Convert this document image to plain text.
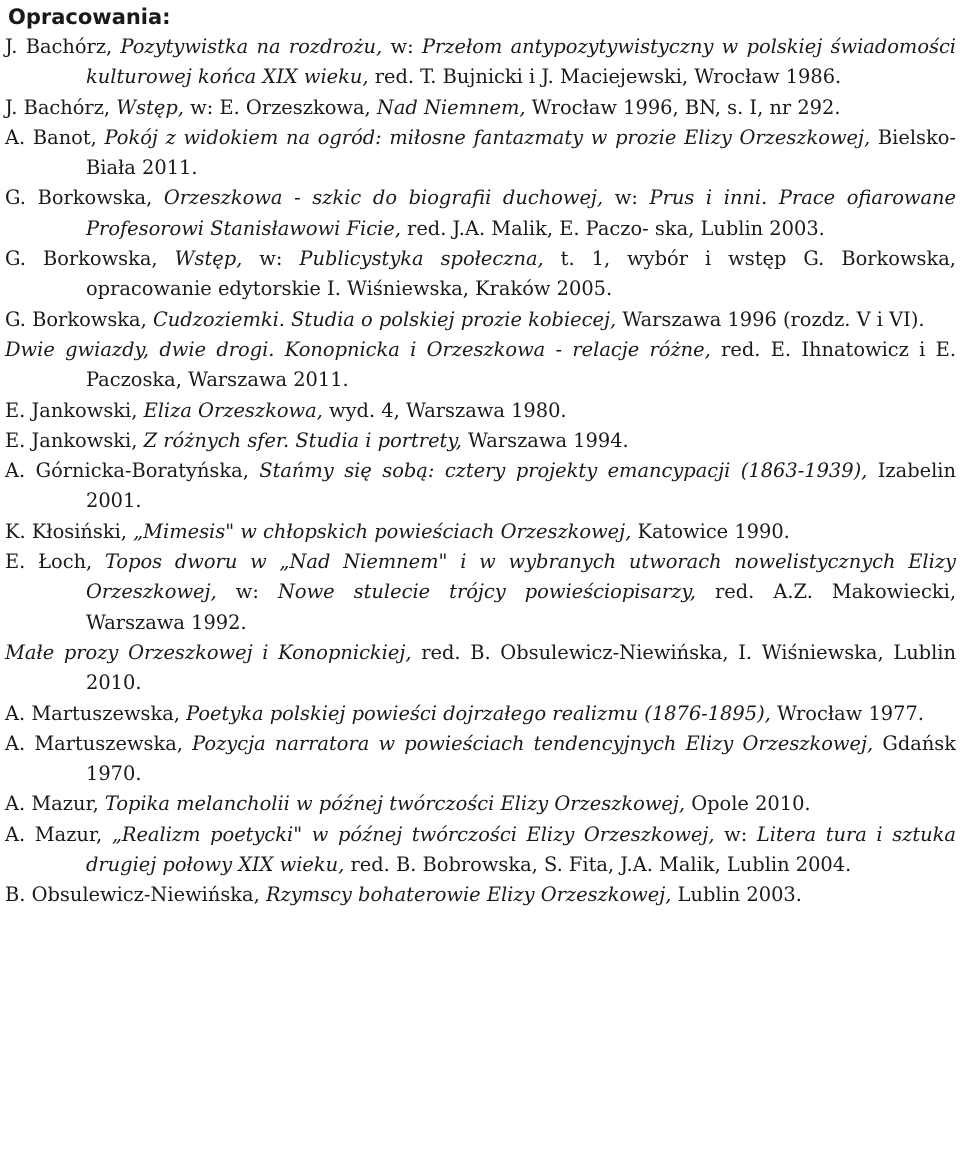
Opracowania:
J. Bachórz, Pozytywistka na rozdrożu, w: Przełom antypozytywistyczny w polskiej świadomości kulturowej końca XIX wieku, red. T. Bujnicki i J. Maciejewski, Wrocław 1986.
J. Bachórz, Wstęp, w: E. Orzeszkowa, Nad Niemnem, Wrocław 1996, BN, s. I, nr 292.
A. Banot, Pokój z widokiem na ogród: miłosne fantazmaty w prozie Elizy Orzeszkowej, Bielsko-Biała 2011.
G. Borkowska, Orzeszkowa - szkic do biografii duchowej, w: Prus i inni. Prace ofiarowane Profesorowi Stanisławowi Ficie, red. J.A. Malik, E. Paczo- ska, Lublin 2003.
G. Borkowska, Wstęp, w: Publicystyka społeczna, t. 1, wybór i wstęp G. Borkowska, opracowanie edytorskie I. Wiśniewska, Kraków 2005.
G. Borkowska, Cudzoziemki. Studia o polskiej prozie kobiecej, Warszawa 1996 (rozdz. V i VI).
Dwie gwiazdy, dwie drogi. Konopnicka i Orzeszkowa - relacje różne, red. E. Ihnatowicz i E. Paczoska, Warszawa 2011.
E. Jankowski, Eliza Orzeszkowa, wyd. 4, Warszawa 1980.
E. Jankowski, Z różnych sfer. Studia i portrety, Warszawa 1994.
A. Górnicka-Boratyńska, Stańmy się sobą: cztery projekty emancypacji (1863-1939), Izabelin 2001.
K. Kłosiński, „Mimesis" w chłopskich powieściach Orzeszkowej, Katowice 1990.
E. Łoch, Topos dworu w „Nad Niemnem" i w wybranych utworach nowelistycznych Elizy Orzeszkowej, w: Nowe stulecie trójcy powieściopisarzy, red. A.Z. Makowiecki, Warszawa 1992.
Małe prozy Orzeszkowej i Konopnickiej, red. B. Obsulewicz-Niewińska, I. Wiśniewska, Lublin 2010.
A. Martuszewska, Poetyka polskiej powieści dojrzałego realizmu (1876-1895), Wrocław 1977.
A. Martuszewska, Pozycja narratora w powieściach tendencyjnych Elizy Orzeszkowej, Gdańsk 1970.
A. Mazur, Topika melancholii w późnej twórczości Elizy Orzeszkowej, Opole 2010.
A. Mazur, „Realizm poetycki" w późnej twórczości Elizy Orzeszkowej, w: Litera tura i sztuka drugiej połowy XIX wieku, red. B. Bobrowska, S. Fita, J.A. Malik, Lublin 2004.
B. Obsulewicz-Niewińska, Rzymscy bohaterowie Elizy Orzeszkowej, Lublin 2003.
